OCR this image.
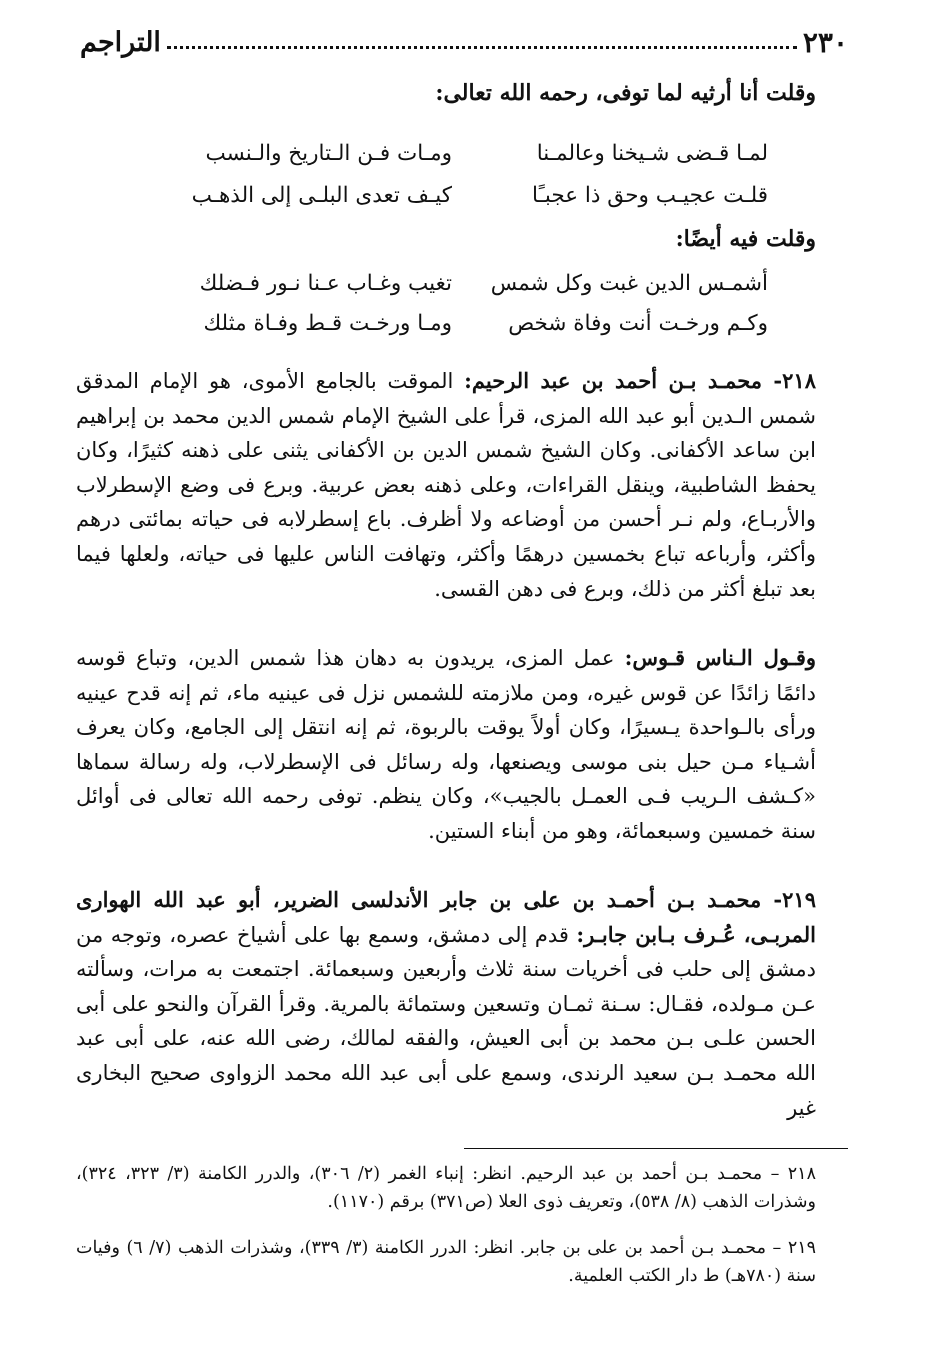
٢٣٠
التراجم
وقلت أنا أرثيه لما توفى، رحمه الله تعالى:
لمـا قـضى شـيخنا وعالمـنا
ومـات فـن الـتاريخ والـنسب
قلـت عجيـب وحق ذا عجبـًا
كيـف تعدى البلـى إلى الذهـب
وقلت فيه أيضًا:
أشمـس الدين غبت وكل شمس
تغيب وغـاب عـنا نـور فـضلك
وكـم ورخـت أنت وفاة شخص
ومـا ورخـت قـط وفـاة مثلك
٢١٨- محمـد بـن أحمد بن عبد الرحيم: الموقت بالجامع الأموى، هو الإمام المدقق شمس الـدين أبو عبد الله المزى، قرأ على الشيخ الإمام شمس الدين محمد بن إبراهيم ابن ساعد الأكفانى. وكان الشيخ شمس الدين بن الأكفانى يثنى على ذهنه كثيرًا، وكان يحفظ الشاطبية، وينقل القراءات، وعلى ذهنه بعض عربية. وبرع فى وضع الإسطرلاب والأربـاع، ولم نـر أحسن من أوضاعه ولا أظرف. باع إسطرلابه فى حياته بمائتى درهم وأكثر، وأرباعه تباع بخمسين درهمًا وأكثر، وتهافت الناس عليها فى حياته، ولعلها فيما بعد تبلغ أكثر من ذلك، وبرع فى دهن القسى.
وقـول الـناس قـوس: عمل المزى، يريدون به دهان هذا شمس الدين، وتباع قوسه دائمًا زائدًا عن قوس غيره، ومن ملازمته للشمس نزل فى عينيه ماء، ثم إنه قدح عينيه ورأى بالـواحدة يـسيرًا، وكان أولاً يوقت بالربوة، ثم إنه انتقل إلى الجامع، وكان يعرف أشـياء مـن حيل بنى موسى ويصنعها، وله رسائل فى الإسطرلاب، وله رسالة سماها «كـشف الـريب فـى العمـل بالجيب»، وكان ينظم. توفى رحمه الله تعالى فى أوائل سنة خمسين وسبعمائة، وهو من أبناء الستين.
٢١٩- محمـد بـن أحمـد بن على بن جابر الأندلسى الضرير، أبو عبد الله الهوارى المربـى، عُـرف بـابن جابـر: قدم إلى دمشق، وسمع بها على أشياخ عصره، وتوجه من دمشق إلى حلب فى أخريات سنة ثلاث وأربعين وسبعمائة. اجتمعت به مرات، وسألته عـن مـولده، فقـال: سـنة ثمـان وتسعين وستمائة بالمرية. وقرأ القرآن والنحو على أبى الحسن علـى بـن محمد بن أبى العيش، والفقه لمالك، رضى الله عنه، على أبى عبد الله محمـد بـن سعيد الرندى، وسمع على أبى عبد الله محمد الزواوى صحيح البخارى غير
٢١٨ – محمـد بـن أحمد بن عبد الرحيم. انظر: إنباء الغمر (٢/ ٣٠٦)، والدرر الكامنة (٣/ ٣٢٣، ٣٢٤)، وشذرات الذهب (٨/ ٥٣٨)، وتعريف ذوى العلا (ص٣٧١) برقم (١١٧٠).
٢١٩ – محمـد بـن أحمد بن على بن جابر. انظر: الدرر الكامنة (٣/ ٣٣٩)، وشذرات الذهب (٧/ ٦) وفيات سنة (٧٨٠هـ) ط دار الكتب العلمية.
